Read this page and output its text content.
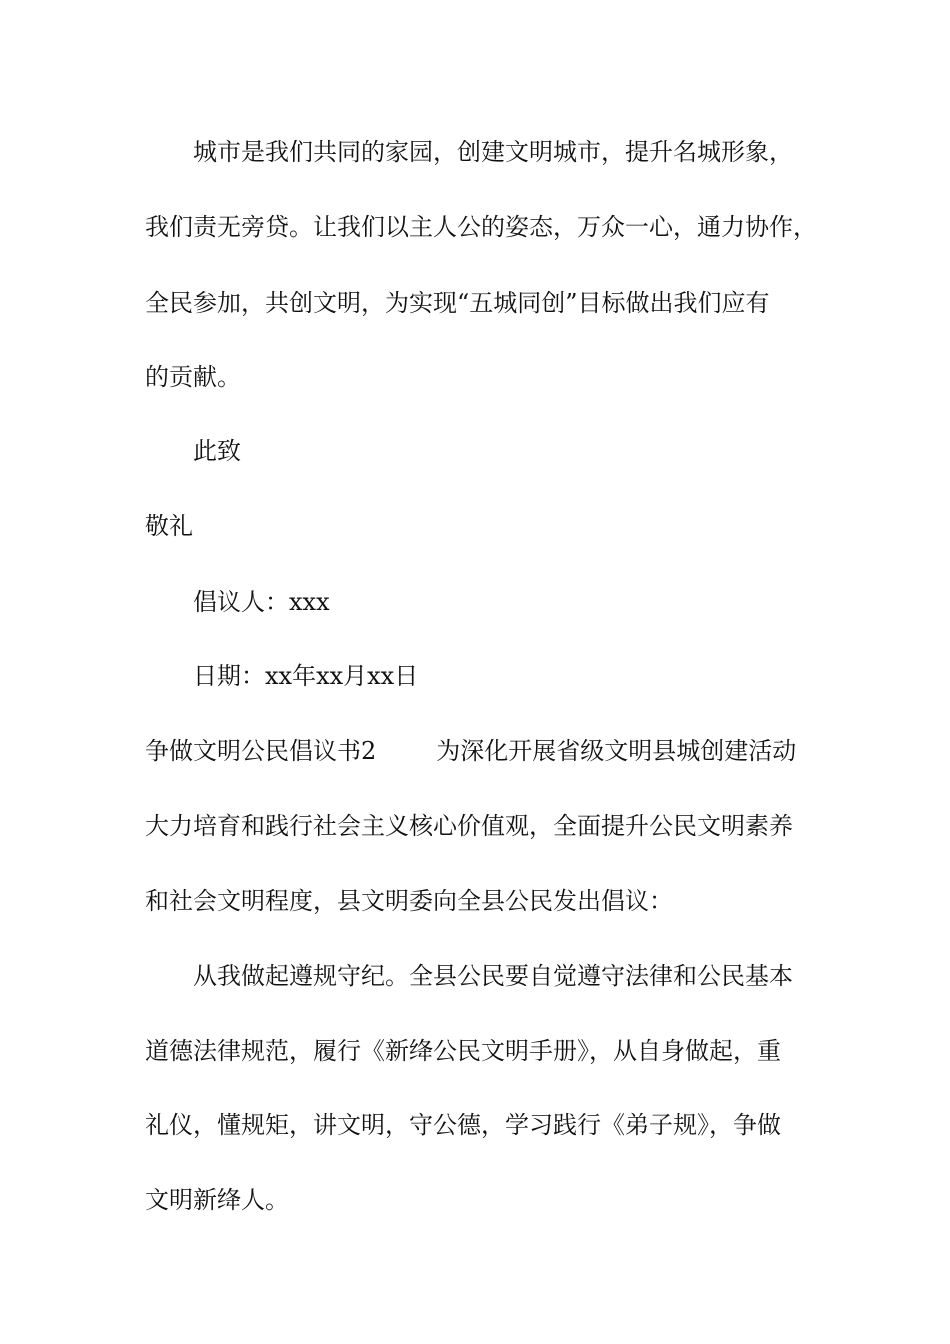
城市是我们共同的家园，创建文明城市，提升名城形象，
我们责无旁贷。让我们以主人公的姿态，万众一心，通力协作，
全民参加，共创文明，为实现“五城同创”目标做出我们应有
的贡献。
此致
敬礼
倡议人：xxx
日期：xx年xx月xx日
争做文明公民倡议书2	为深化开展省级文明县城创建活动
大力培育和践行社会主义核心价值观，全面提升公民文明素养
和社会文明程度，县文明委向全县公民发出倡议：
从我做起遵规守纪。全县公民要自觉遵守法律和公民基本
道德法律规范，履行《新绛公民文明手册》，从自身做起，重
礼仪，懂规矩，讲文明，守公德，学习践行《弟子规》，争做
文明新绛人。
